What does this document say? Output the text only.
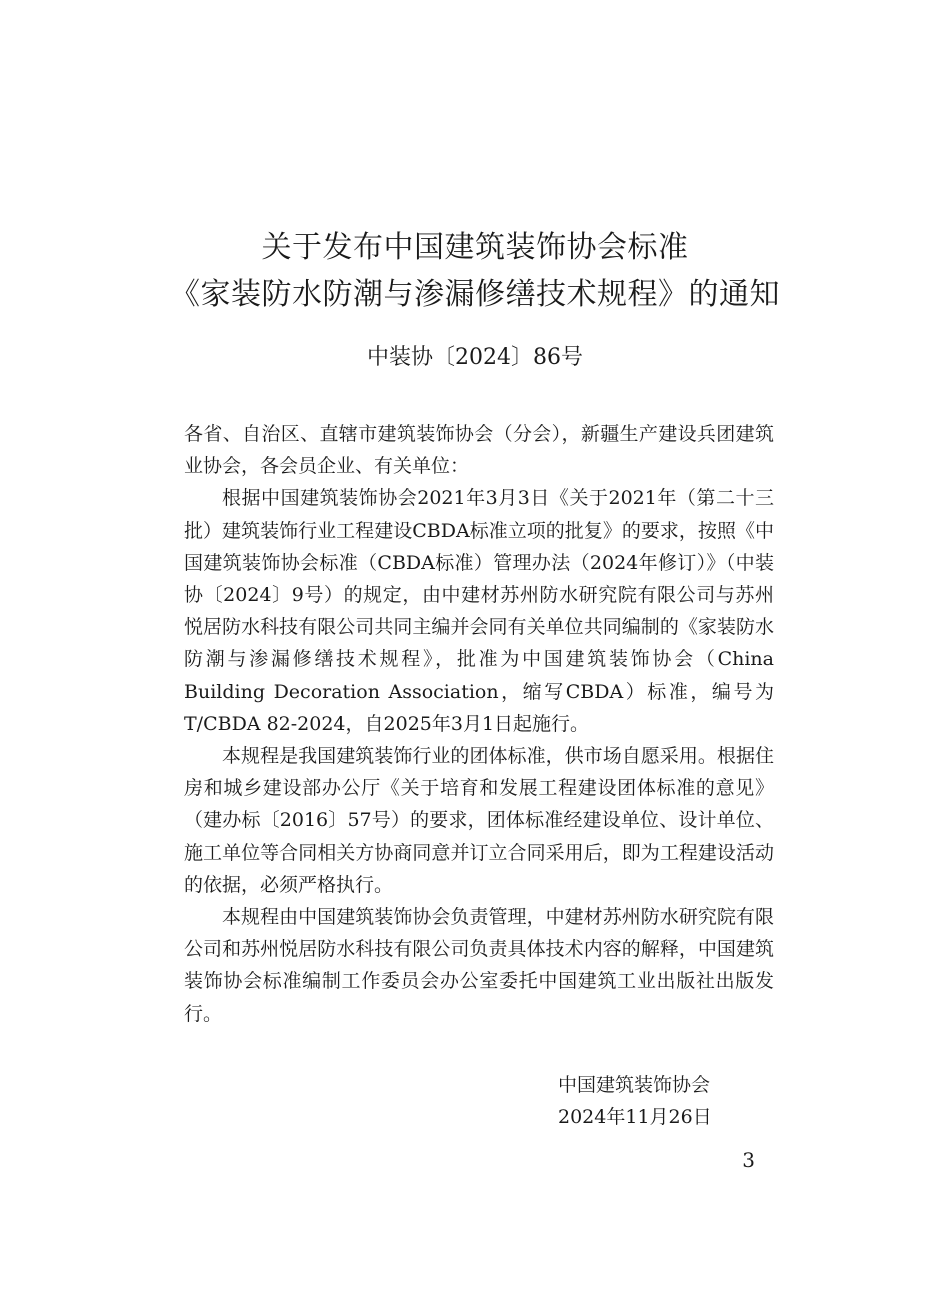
关于发布中国建筑装饰协会标准
《家装防水防潮与渗漏修缮技术规程》的通知
中装协〔2024〕86号

各省、自治区、直辖市建筑装饰协会（分会），新疆生产建设兵团建筑业协会，各会员企业、有关单位：

根据中国建筑装饰协会2021年3月3日《关于2021年（第二十三批）建筑装饰行业工程建设CBDA标准立项的批复》的要求，按照《中国建筑装饰协会标准（CBDA标准）管理办法（2024年修订）》（中装协〔2024〕9号）的规定，由中建材苏州防水研究院有限公司与苏州悦居防水科技有限公司共同主编并会同有关单位共同编制的《家装防水防潮与渗漏修缮技术规程》，批准为中国建筑装饰协会（China Building Decoration Association，缩写CBDA）标准，编号为T/CBDA 82-2024，自2025年3月1日起施行。

本规程是我国建筑装饰行业的团体标准，供市场自愿采用。根据住房和城乡建设部办公厅《关于培育和发展工程建设团体标准的意见》（建办标〔2016〕57号）的要求，团体标准经建设单位、设计单位、施工单位等合同相关方协商同意并订立合同采用后，即为工程建设活动的依据，必须严格执行。

本规程由中国建筑装饰协会负责管理，中建材苏州防水研究院有限公司和苏州悦居防水科技有限公司负责具体技术内容的解释，中国建筑装饰协会标准编制工作委员会办公室委托中国建筑工业出版社出版发行。

中国建筑装饰协会
2024年11月26日
3
